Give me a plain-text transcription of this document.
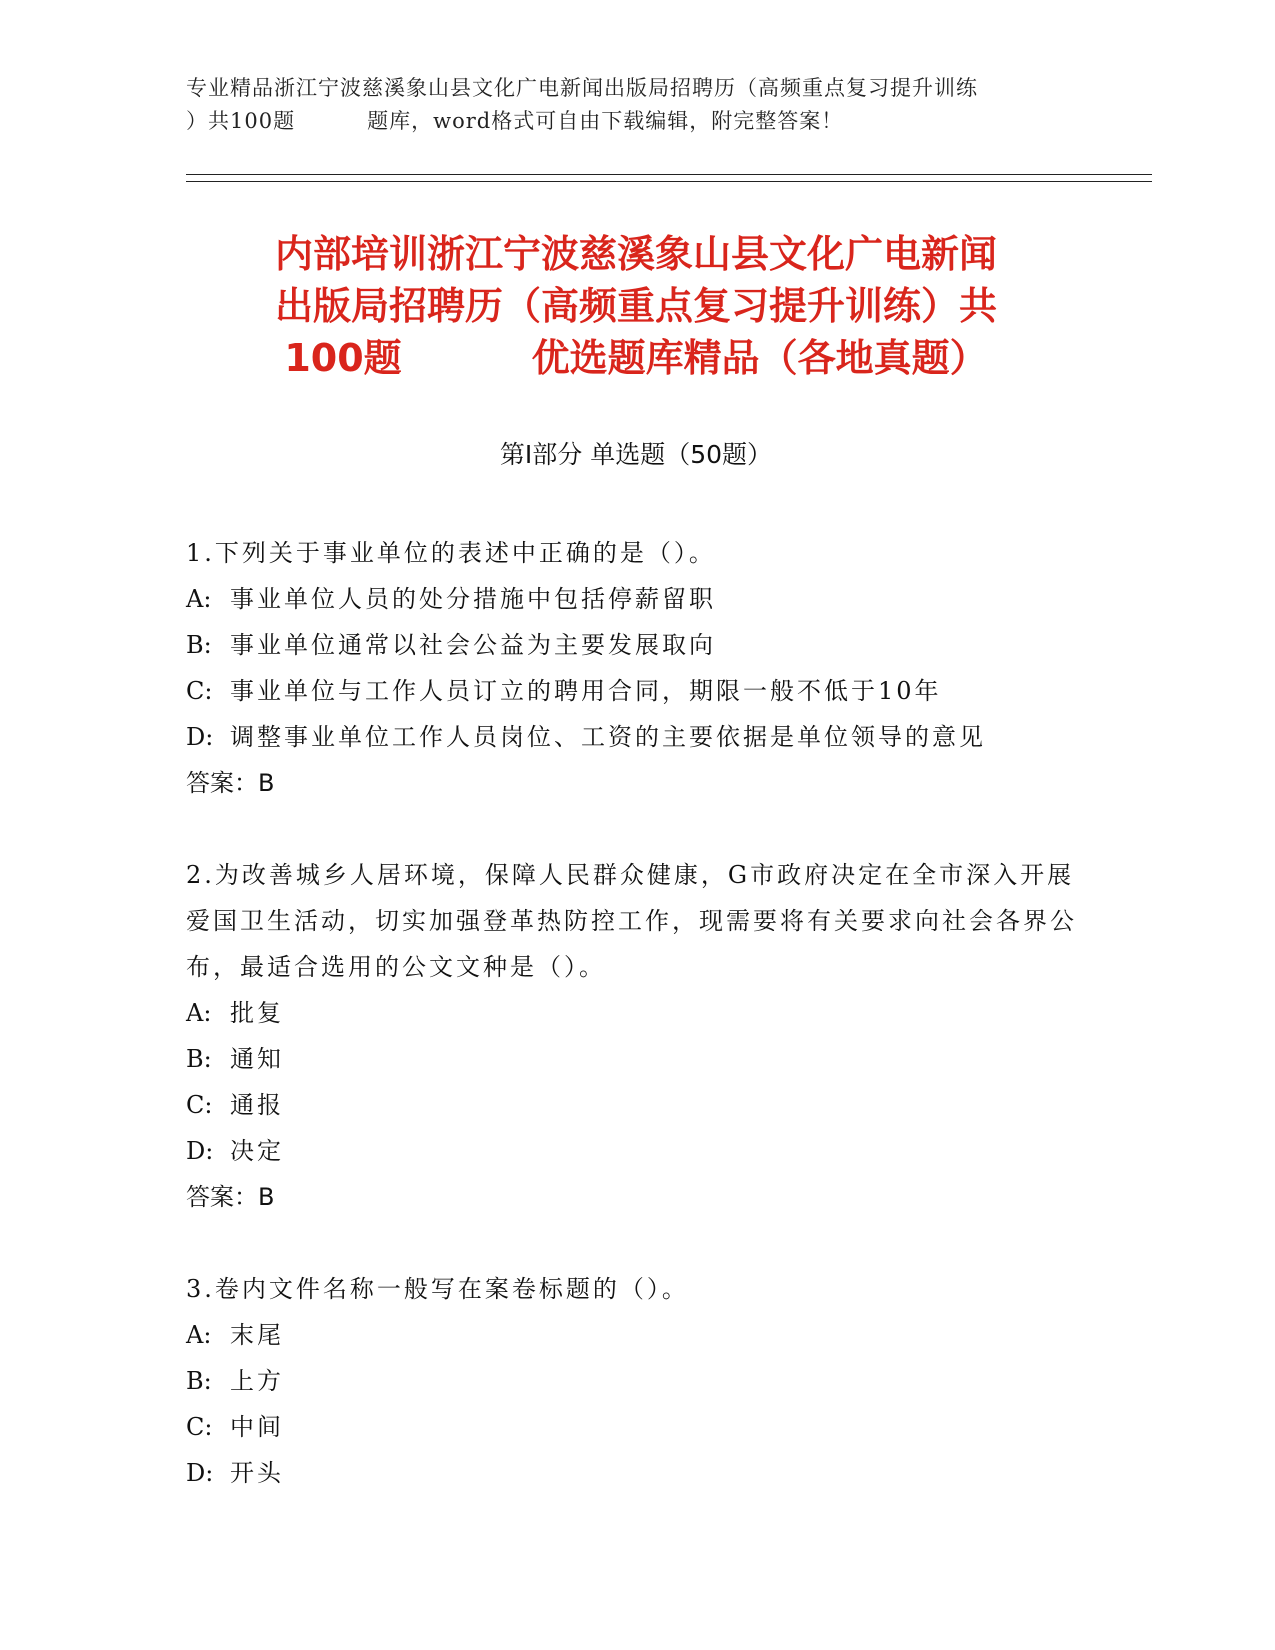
专业精品浙江宁波慈溪象山县文化广电新闻出版局招聘历（高频重点复习提升训练
）共100题	题库，word格式可自由下载编辑，附完整答案！
内部培训浙江宁波慈溪象山县文化广电新闻
出版局招聘历（高频重点复习提升训练）共
100题	优选题库精品（各地真题）
第Ⅰ部分 单选题（50题）

1.下列关于事业单位的表述中正确的是（）。

A: 事业单位人员的处分措施中包括停薪留职

B: 事业单位通常以社会公益为主要发展取向

C: 事业单位与工作人员订立的聘用合同，期限一般不低于10年

D: 调整事业单位工作人员岗位、工资的主要依据是单位领导的意见

答案：B

2.为改善城乡人居环境，保障人民群众健康，G市政府决定在全市深入开展爱国卫生活动，切实加强登革热防控工作，现需要将有关要求向社会各界公布，最适合选用的公文文种是（）。

A: 批复

B: 通知

C: 通报

D: 决定

答案：B

3.卷内文件名称一般写在案卷标题的（）。

A: 末尾

B: 上方

C: 中间

D: 开头
